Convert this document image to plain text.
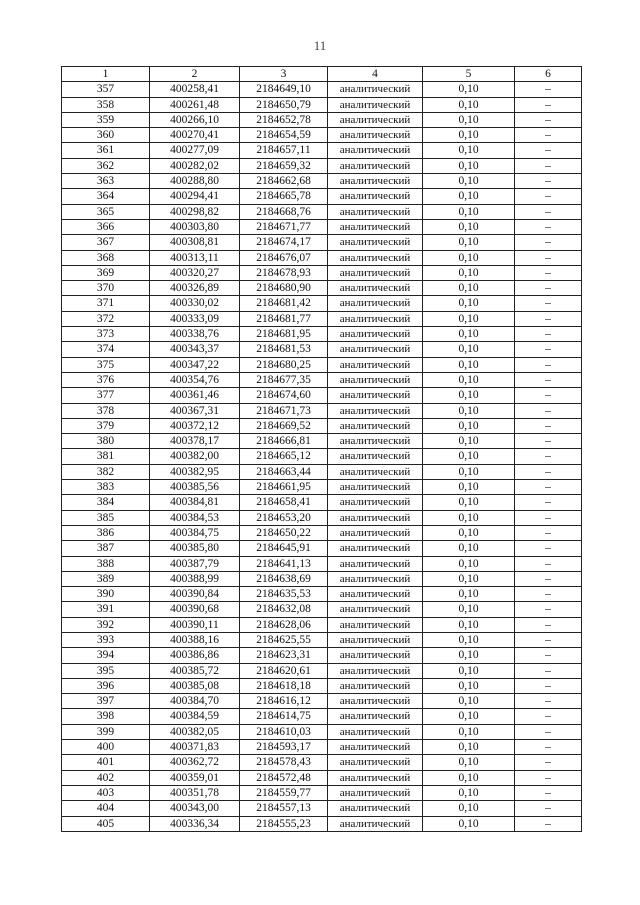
11
1	2	3	4	5	6
357	400258,41	2184649,10	аналитический	0,10	–
358	400261,48	2184650,79	аналитический	0,10	–
359	400266,10	2184652,78	аналитический	0,10	–
360	400270,41	2184654,59	аналитический	0,10	–
361	400277,09	2184657,11	аналитический	0,10	–
362	400282,02	2184659,32	аналитический	0,10	–
363	400288,80	2184662,68	аналитический	0,10	–
364	400294,41	2184665,78	аналитический	0,10	–
365	400298,82	2184668,76	аналитический	0,10	–
366	400303,80	2184671,77	аналитический	0,10	–
367	400308,81	2184674,17	аналитический	0,10	–
368	400313,11	2184676,07	аналитический	0,10	–
369	400320,27	2184678,93	аналитический	0,10	–
370	400326,89	2184680,90	аналитический	0,10	–
371	400330,02	2184681,42	аналитический	0,10	–
372	400333,09	2184681,77	аналитический	0,10	–
373	400338,76	2184681,95	аналитический	0,10	–
374	400343,37	2184681,53	аналитический	0,10	–
375	400347,22	2184680,25	аналитический	0,10	–
376	400354,76	2184677,35	аналитический	0,10	–
377	400361,46	2184674,60	аналитический	0,10	–
378	400367,31	2184671,73	аналитический	0,10	–
379	400372,12	2184669,52	аналитический	0,10	–
380	400378,17	2184666,81	аналитический	0,10	–
381	400382,00	2184665,12	аналитический	0,10	–
382	400382,95	2184663,44	аналитический	0,10	–
383	400385,56	2184661,95	аналитический	0,10	–
384	400384,81	2184658,41	аналитический	0,10	–
385	400384,53	2184653,20	аналитический	0,10	–
386	400384,75	2184650,22	аналитический	0,10	–
387	400385,80	2184645,91	аналитический	0,10	–
388	400387,79	2184641,13	аналитический	0,10	–
389	400388,99	2184638,69	аналитический	0,10	–
390	400390,84	2184635,53	аналитический	0,10	–
391	400390,68	2184632,08	аналитический	0,10	–
392	400390,11	2184628,06	аналитический	0,10	–
393	400388,16	2184625,55	аналитический	0,10	–
394	400386,86	2184623,31	аналитический	0,10	–
395	400385,72	2184620,61	аналитический	0,10	–
396	400385,08	2184618,18	аналитический	0,10	–
397	400384,70	2184616,12	аналитический	0,10	–
398	400384,59	2184614,75	аналитический	0,10	–
399	400382,05	2184610,03	аналитический	0,10	–
400	400371,83	2184593,17	аналитический	0,10	–
401	400362,72	2184578,43	аналитический	0,10	–
402	400359,01	2184572,48	аналитический	0,10	–
403	400351,78	2184559,77	аналитический	0,10	–
404	400343,00	2184557,13	аналитический	0,10	–
405	400336,34	2184555,23	аналитический	0,10	–
